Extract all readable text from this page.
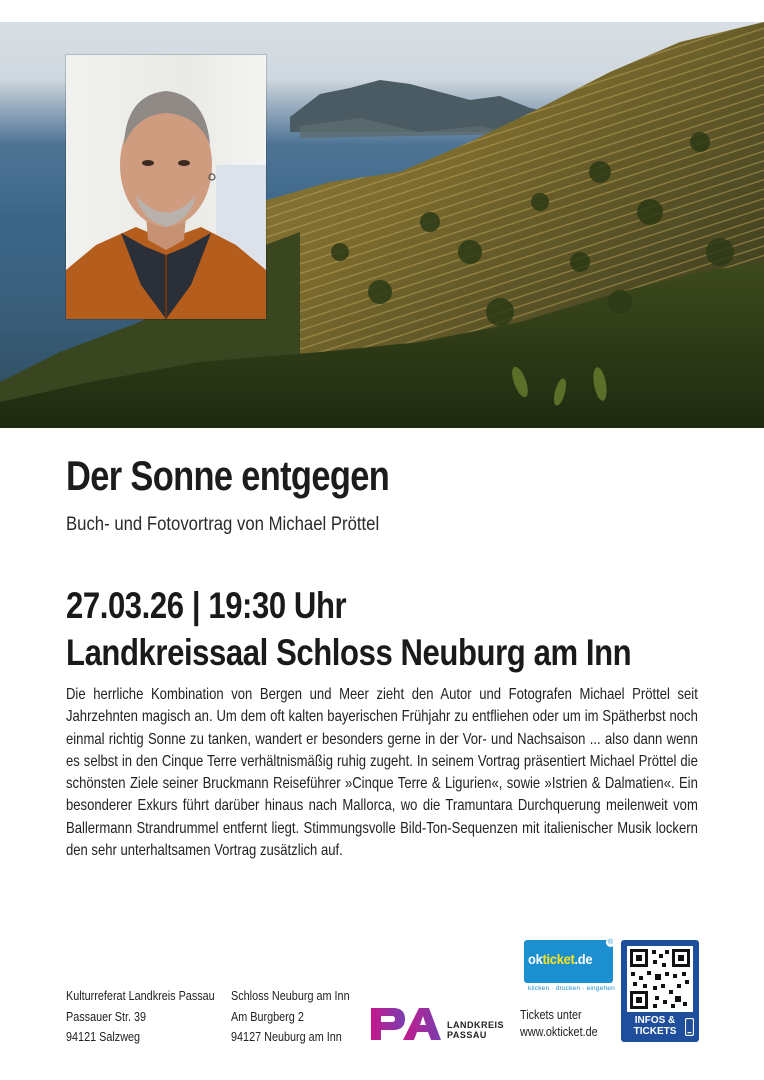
Der Sonne entgegen

Buch- und Fotovortrag von Michael Pröttel

27.03.26 | 19:30 Uhr
Landkreissaal Schloss Neuburg am Inn

Die herrliche Kombination von Bergen und Meer zieht den Autor und Fotografen Michael Pröttel seit Jahrzehnten magisch an. Um dem oft kalten bayerischen Frühjahr zu entfliehen oder um im Spätherbst noch einmal richtig Sonne zu tanken, wandert er besonders gerne in der Vor- und Nachsaison ... also dann wenn es selbst in den Cinque Terre verhältnismäßig ruhig zugeht. In seinem Vortrag präsentiert Michael Pröttel die schönsten Ziele seiner Bruckmann Reiseführer »Cinque Terre & Ligurien«, sowie »Istrien & Dalmatien«. Ein besonderer Exkurs führt darüber hinaus nach Mallorca, wo die Tramuntara Durchquerung meilenweit vom Ballermann Strandrummel entfernt liegt. Stimmungsvolle Bild-Ton-Sequenzen mit italienischer Musik lockern den sehr unterhaltsamen Vortrag zusätzlich auf.

Kulturreferat Landkreis Passau
Passauer Str. 39
94121 Salzweg
Schloss Neuburg am Inn
Am Burgberg 2
94127 Neuburg am Inn
LANDKREIS
PASSAU
Tickets unter
www.okticket.de
okticket.de
®
klicken · drucken · eingehen
INFOS &
TICKETS
